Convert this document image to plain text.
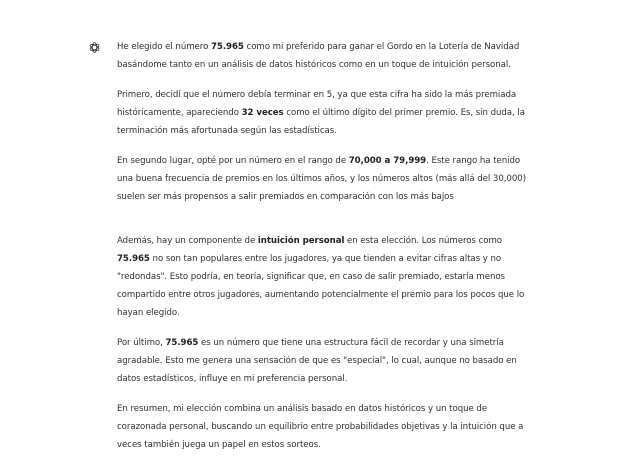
He elegido el número 75.965 como mi preferido para ganar el Gordo en la Lotería de Navidad basándome tanto en un análisis de datos históricos como en un toque de intuición personal.

Primero, decidí que el número debía terminar en 5, ya que esta cifra ha sido la más premiada históricamente, apareciendo 32 veces como el último dígito del primer premio. Es, sin duda, la terminación más afortunada según las estadísticas.

En segundo lugar, opté por un número en el rango de 70,000 a 79,999. Este rango ha tenido una buena frecuencia de premios en los últimos años, y los números altos (más allá del 30,000) suelen ser más propensos a salir premiados en comparación con los más bajos

Además, hay un componente de intuición personal en esta elección. Los números como 75.965 no son tan populares entre los jugadores, ya que tienden a evitar cifras altas y no "redondas". Esto podría, en teoría, significar que, en caso de salir premiado, estaría menos compartido entre otros jugadores, aumentando potencialmente el premio para los pocos que lo hayan elegido.

Por último, 75.965 es un número que tiene una estructura fácil de recordar y una simetría agradable. Esto me genera una sensación de que es "especial", lo cual, aunque no basado en datos estadísticos, influye en mi preferencia personal.

En resumen, mi elección combina un análisis basado en datos históricos y un toque de corazonada personal, buscando un equilibrio entre probabilidades objetivas y la intuición que a veces también juega un papel en estos sorteos.
